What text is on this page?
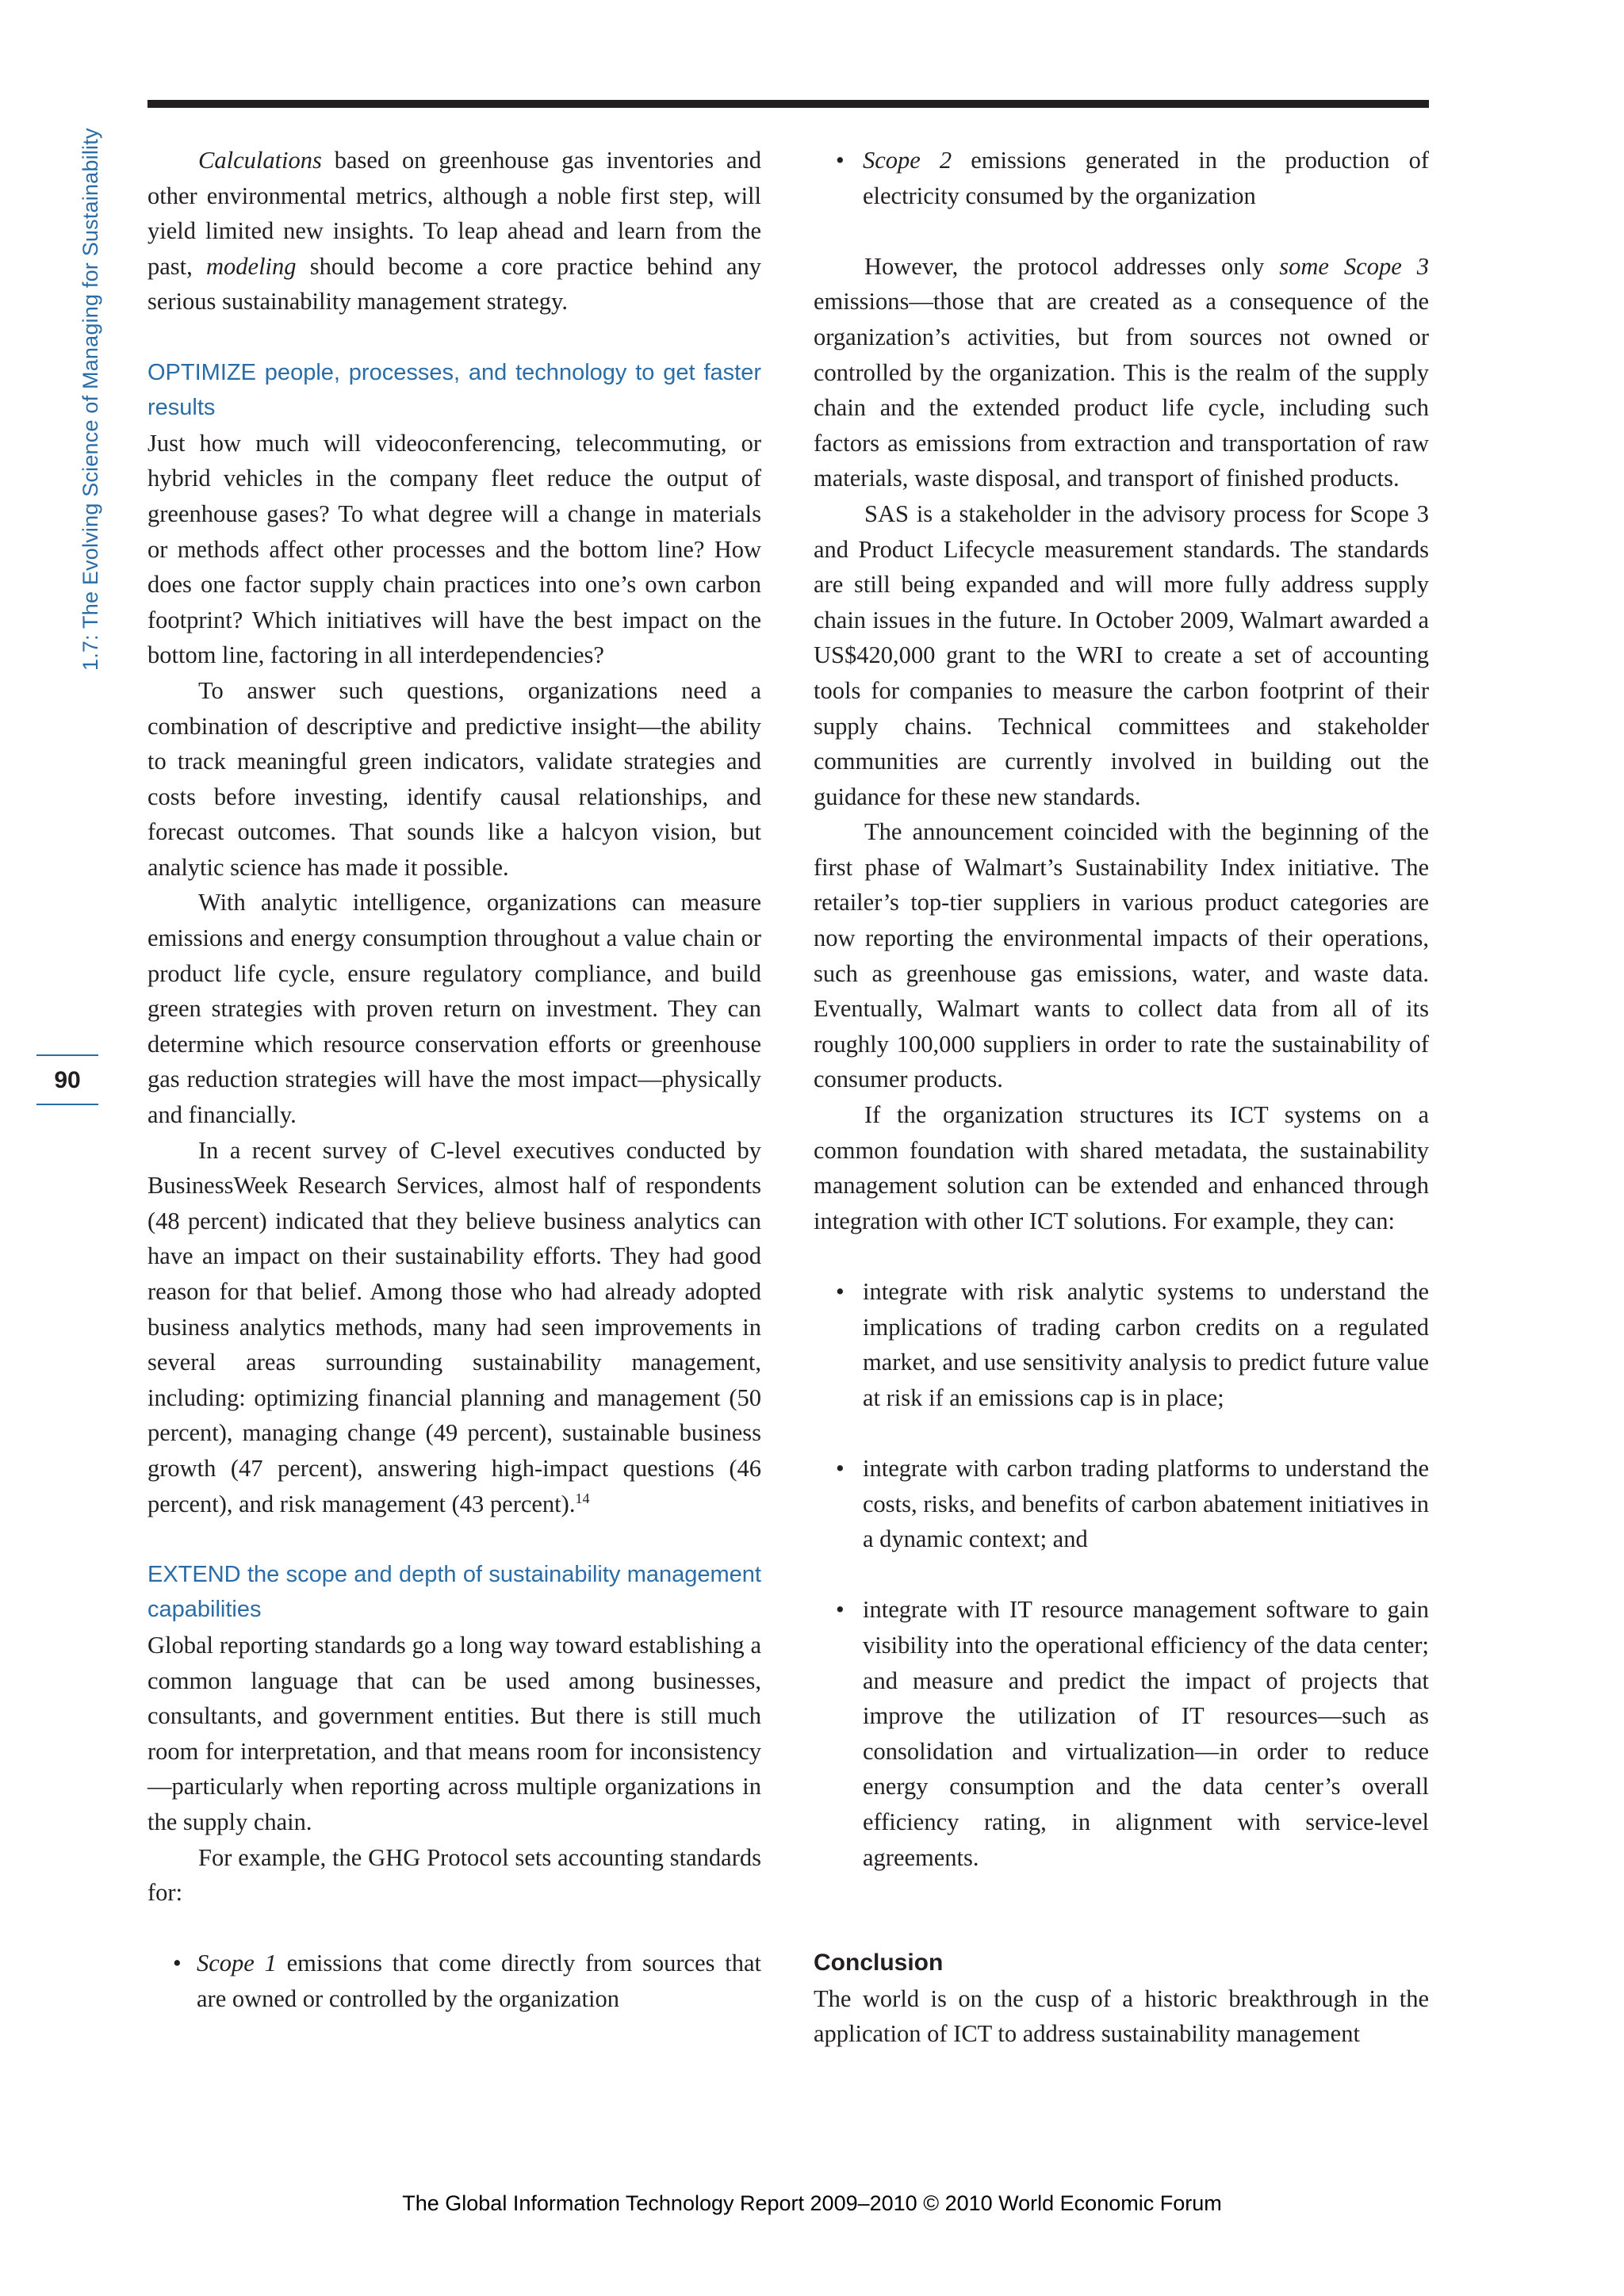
1.7: The Evolving Science of Managing for Sustainability
90

Calculations based on greenhouse gas inventories and other environmental metrics, although a noble first step, will yield limited new insights. To leap ahead and learn from the past, modeling should become a core practice behind any serious sustainability management strategy.

OPTIMIZE people, processes, and technology to get faster results

Just how much will videoconferencing, telecommuting, or hybrid vehicles in the company fleet reduce the output of greenhouse gases? To what degree will a change in materials or methods affect other processes and the bottom line? How does one factor supply chain practices into one’s own carbon footprint? Which initiatives will have the best impact on the bottom line, factoring in all interdependencies?

To answer such questions, organizations need a combination of descriptive and predictive insight—the ability to track meaningful green indicators, validate strategies and costs before investing, identify causal relationships, and forecast outcomes. That sounds like a halcyon vision, but analytic science has made it possible.

With analytic intelligence, organizations can measure emissions and energy consumption throughout a value chain or product life cycle, ensure regulatory compliance, and build green strategies with proven return on investment. They can determine which resource conservation efforts or greenhouse gas reduction strategies will have the most impact—physically and financially.

In a recent survey of C-level executives conducted by BusinessWeek Research Services, almost half of respondents (48 percent) indicated that they believe business analytics can have an impact on their sustainability efforts. They had good reason for that belief. Among those who had already adopted business analytics methods, many had seen improvements in several areas surrounding sustainability management, including: optimizing financial planning and management (50 percent), managing change (49 percent), sustainable business growth (47 percent), answering high-impact questions (46 percent), and risk management (43 percent).$^{14}$

EXTEND the scope and depth of sustainability management capabilities

Global reporting standards go a long way toward establishing a common language that can be used among businesses, consultants, and government entities. But there is still much room for interpretation, and that means room for inconsistency—particularly when reporting across multiple organizations in the supply chain.

For example, the GHG Protocol sets accounting standards for:

• Scope 1 emissions that come directly from sources that are owned or controlled by the organization
• Scope 2 emissions generated in the production of electricity consumed by the organization

However, the protocol addresses only some Scope 3 emissions—those that are created as a consequence of the organization’s activities, but from sources not owned or controlled by the organization. This is the realm of the supply chain and the extended product life cycle, including such factors as emissions from extraction and transportation of raw materials, waste disposal, and transport of finished products.

SAS is a stakeholder in the advisory process for Scope 3 and Product Lifecycle measurement standards. The standards are still being expanded and will more fully address supply chain issues in the future. In October 2009, Walmart awarded a US$420,000 grant to the WRI to create a set of accounting tools for companies to measure the carbon footprint of their supply chains. Technical committees and stakeholder communities are currently involved in building out the guidance for these new standards.

The announcement coincided with the beginning of the first phase of Walmart’s Sustainability Index initiative. The retailer’s top-tier suppliers in various product categories are now reporting the environmental impacts of their operations, such as greenhouse gas emissions, water, and waste data. Eventually, Walmart wants to collect data from all of its roughly 100,000 suppliers in order to rate the sustainability of consumer products.

If the organization structures its ICT systems on a common foundation with shared metadata, the sustainability management solution can be extended and enhanced through integration with other ICT solutions. For example, they can:

• integrate with risk analytic systems to understand the implications of trading carbon credits on a regulated market, and use sensitivity analysis to predict future value at risk if an emissions cap is in place;
• integrate with carbon trading platforms to understand the costs, risks, and benefits of carbon abatement initiatives in a dynamic context; and
• integrate with IT resource management software to gain visibility into the operational efficiency of the data center; and measure and predict the impact of projects that improve the utilization of IT resources—such as consolidation and virtualization—in order to reduce energy consumption and the data center’s overall efficiency rating, in alignment with service-level agreements.

Conclusion

The world is on the cusp of a historic breakthrough in the application of ICT to address sustainability management

The Global Information Technology Report 2009–2010 © 2010 World Economic Forum
